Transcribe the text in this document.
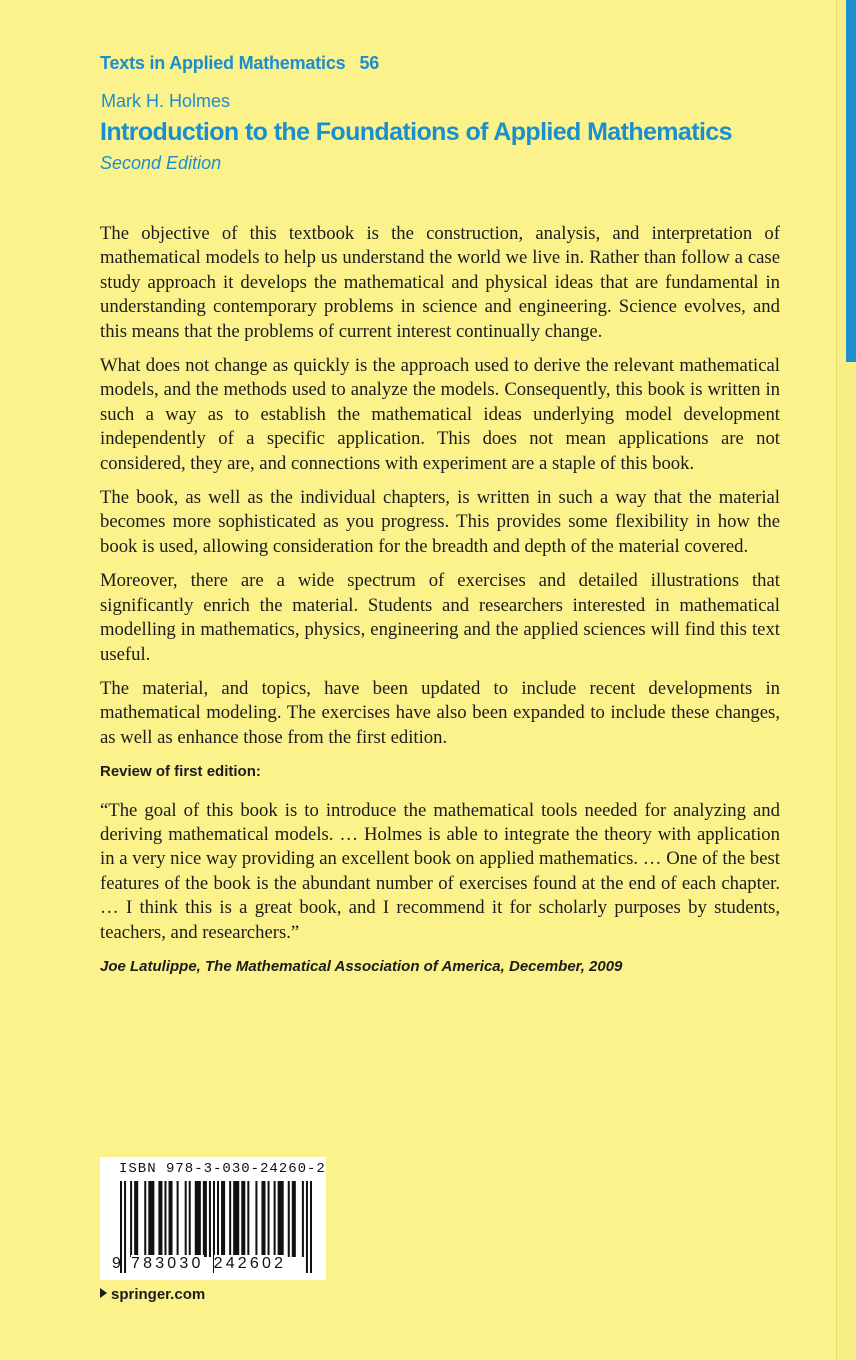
Texts in Applied Mathematics 56
Mark H. Holmes
Introduction to the Foundations of Applied Mathematics
Second Edition

The objective of this textbook is the construction, analysis, and interpretation of mathematical models to help us understand the world we live in. Rather than follow a case study approach it develops the mathematical and physical ideas that are fundamental in understanding contemporary problems in science and engineering. Science evolves, and this means that the problems of current interest continually change.

What does not change as quickly is the approach used to derive the relevant mathematical models, and the methods used to analyze the models. Consequently, this book is written in such a way as to establish the mathematical ideas underlying model development independently of a specific application. This does not mean applications are not considered, they are, and connections with experiment are a staple of this book.

The book, as well as the individual chapters, is written in such a way that the material becomes more sophisticated as you progress. This provides some flexibility in how the book is used, allowing consideration for the breadth and depth of the material covered.

Moreover, there are a wide spectrum of exercises and detailed illustrations that significantly enrich the material. Students and researchers interested in mathematical modelling in mathematics, physics, engineering and the applied sciences will find this text useful.

The material, and topics, have been updated to include recent developments in mathematical modeling. The exercises have also been expanded to include these changes, as well as enhance those from the first edition.

Review of first edition:

“The goal of this book is to introduce the mathematical tools needed for analyzing and deriving mathematical models. … Holmes is able to integrate the theory with application in a very nice way providing an excellent book on applied mathematics. … One of the best features of the book is the abundant number of exercises found at the end of each chapter. … I think this is a great book, and I recommend it for scholarly purposes by students, teachers, and researchers.”

Joe Latulippe, The Mathematical Association of America, December, 2009
ISBN 978-3-030-24260-2
9 783030 242602
springer.com
